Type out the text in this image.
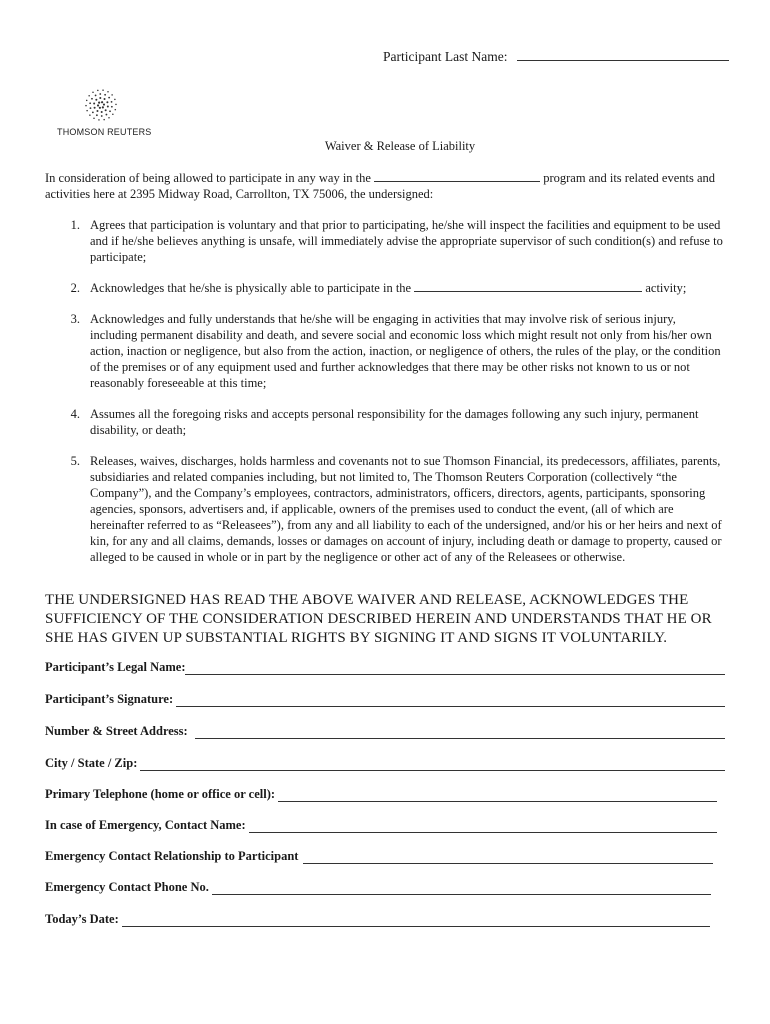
Participant Last Name:
THOMSON REUTERS
Waiver & Release of Liability
In consideration of being allowed to participate in any way in the	program and its related events and activities here at 2395 Midway Road, Carrollton, TX 75006, the undersigned:
1. Agrees that participation is voluntary and that prior to participating, he/she will inspect the facilities and equipment to be used and if he/she believes anything is unsafe, will immediately advise the appropriate supervisor of such condition(s) and refuse to participate;
2. Acknowledges that he/she is physically able to participate in the	activity;
3. Acknowledges and fully understands that he/she will be engaging in activities that may involve risk of serious injury, including permanent disability and death, and severe social and economic loss which might result not only from his/her own action, inaction or negligence, but also from the action, inaction, or negligence of others, the rules of the play, or the condition of the premises or of any equipment used and further acknowledges that there may be other risks not known to us or not reasonably foreseeable at this time;
4. Assumes all the foregoing risks and accepts personal responsibility for the damages following any such injury, permanent disability, or death;
5. Releases, waives, discharges, holds harmless and covenants not to sue Thomson Financial, its predecessors, affiliates, parents, subsidiaries and related companies including, but not limited to, The Thomson Reuters Corporation (collectively “the Company”), and the Company’s employees, contractors, administrators, officers, directors, agents, participants, sponsoring agencies, sponsors, advertisers and, if applicable, owners of the premises used to conduct the event, (all of which are hereinafter referred to as “Releasees”), from any and all liability to each of the undersigned, and/or his or her heirs and next of kin, for any and all claims, demands, losses or damages on account of injury, including death or damage to property, caused or alleged to be caused in whole or in part by the negligence or other act of any of the Releasees or otherwise.
THE UNDERSIGNED HAS READ THE ABOVE WAIVER AND RELEASE, ACKNOWLEDGES THE SUFFICIENCY OF THE CONSIDERATION DESCRIBED HEREIN AND UNDERSTANDS THAT HE OR SHE HAS GIVEN UP SUBSTANTIAL RIGHTS BY SIGNING IT AND SIGNS IT VOLUNTARILY.
Participant’s Legal Name:
Participant’s Signature:
Number & Street Address:
City / State / Zip:
Primary Telephone (home or office or cell):
In case of Emergency, Contact Name:
Emergency Contact Relationship to Participant
Emergency Contact Phone No.
Today’s Date:
